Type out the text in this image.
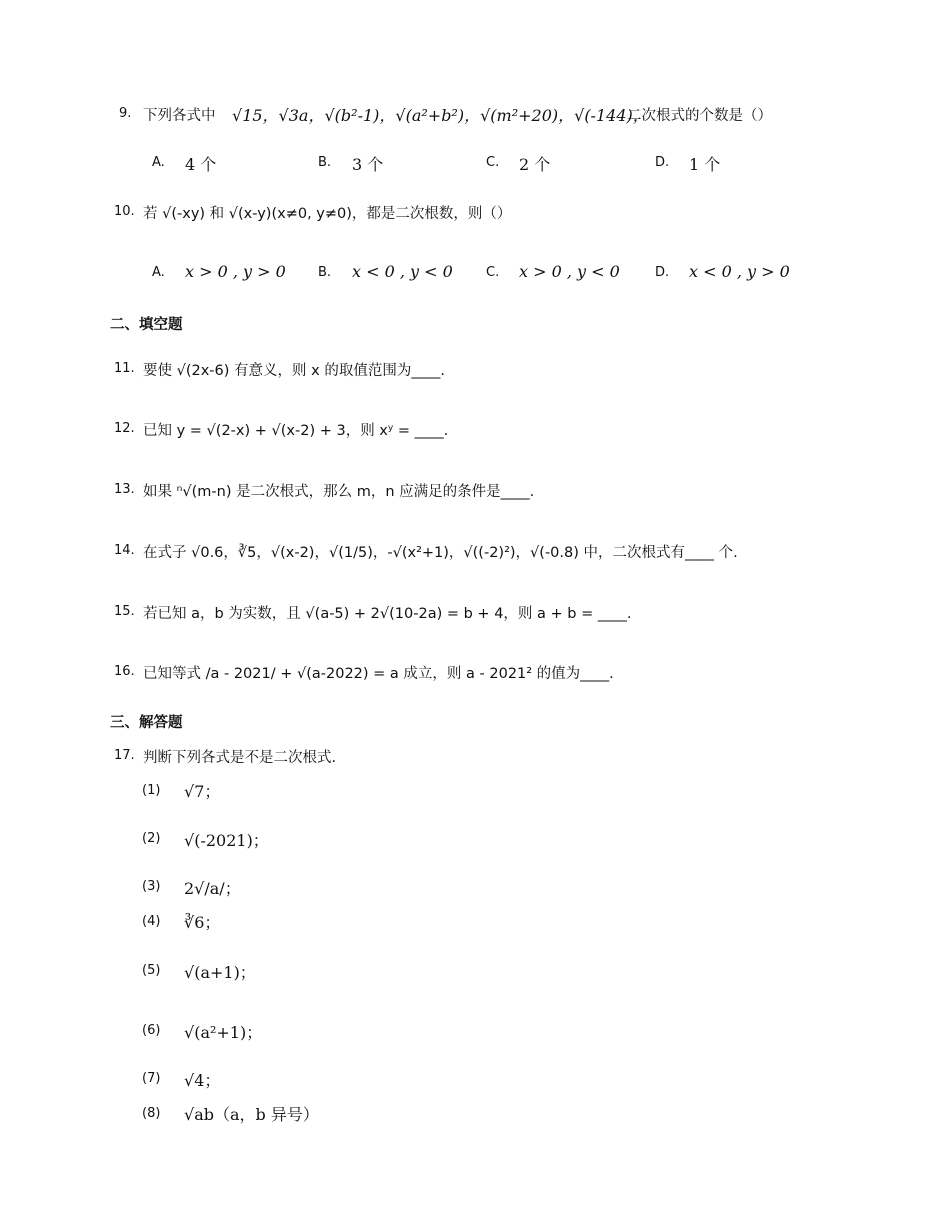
9. 下列各式中 √15，√3a，√(b²-1)，√(a²+b²)，√(m²+20)，√(-144)，
二次根式的个数是（）
A. 4 个	B. 3 个	C. 2 个	D. 1 个
10. 若 √(-xy) 和 √(x-y)(x≠0, y≠0)，都是二次根数，则（）
A. x > 0 , y > 0 B. x < 0 , y < 0	C. x > 0 , y < 0	D. x < 0 , y > 0
二、填空题
11. 要使 √(2x-6) 有意义，则 x 的取值范围为____.
12. 已知 y = √(2-x) + √(x-2) + 3，则 xʸ = ____.
13. 如果 ⁿ√(m-n) 是二次根式，那么 m，n 应满足的条件是____.
14. 在式子 √0.6，∛5，√(x-2)，√(1/5)，-√(x²+1)，√((-2)²)，√(-0.8) 中，二次根式有____ 个.
15. 若已知 a，b 为实数，且 √(a-5) + 2√(10-2a) = b + 4，则 a + b = ____.
16. 已知等式 /a - 2021/ + √(a-2022) = a 成立，则 a - 2021² 的值为____.
三、解答题
17. 判断下列各式是不是二次根式.
(1) √7；
(2) √(-2021)；
(3) 2√/a/；
(4) ∛6；
(5) √(a+1)；
(6) √(a²+1)；
(7) √4；
(8) √ab（a，b 异号）
